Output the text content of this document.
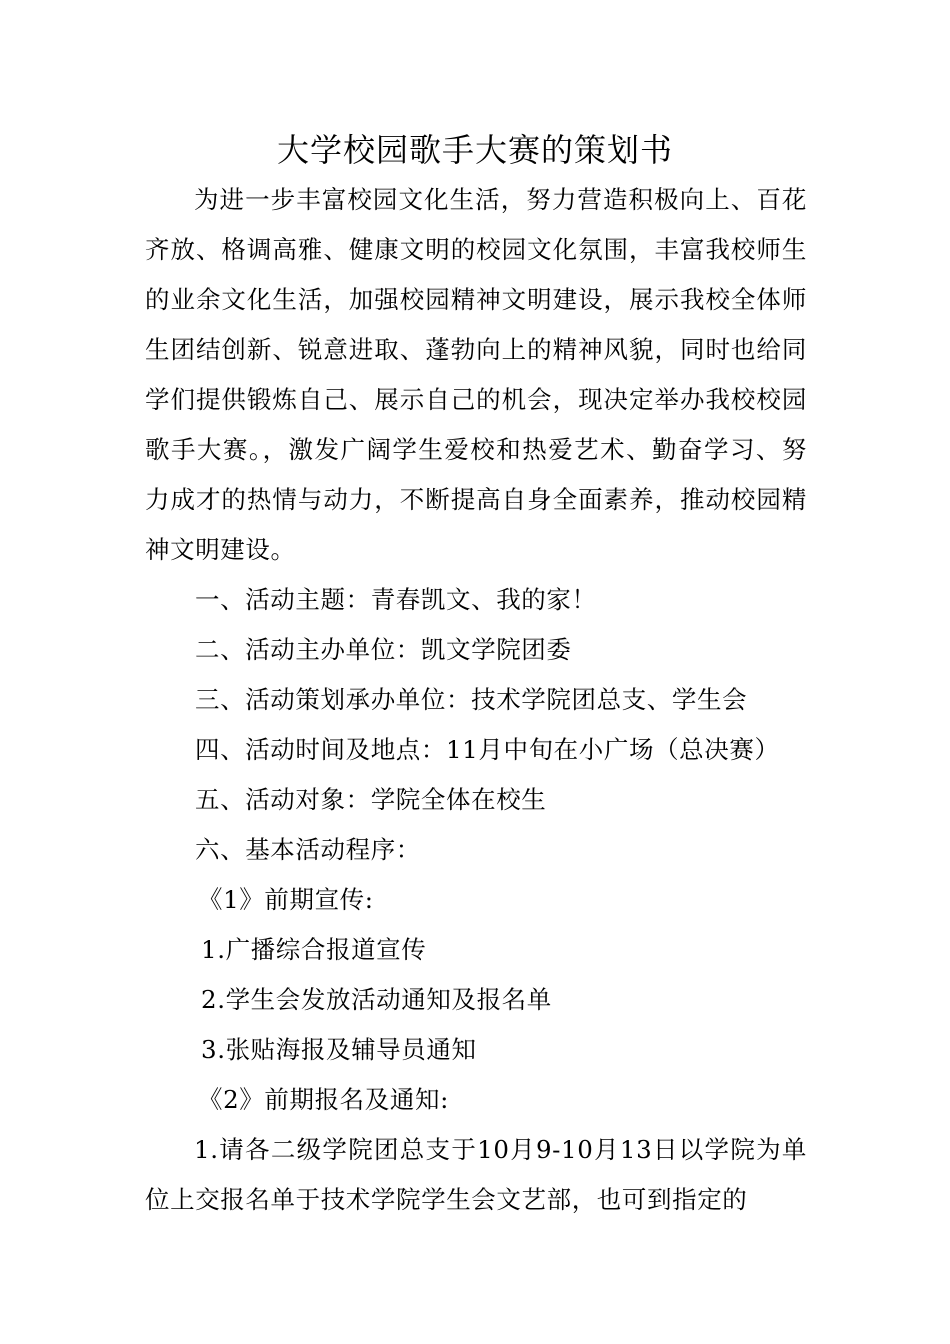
大学校园歌手大赛的策划书

为进一步丰富校园文化生活，努力营造积极向上、百花齐放、格调高雅、健康文明的校园文化氛围，丰富我校师生的业余文化生活，加强校园精神文明建设，展示我校全体师生团结创新、锐意进取、蓬勃向上的精神风貌，同时也给同学们提供锻炼自己、展示自己的机会，现决定举办我校校园歌手大赛。，激发广阔学生爱校和热爱艺术、勤奋学习、努力成才的热情与动力，不断提高自身全面素养，推动校园精神文明建设。

一、活动主题：青春凯文、我的家！

二、活动主办单位：凯文学院团委

三、活动策划承办单位：技术学院团总支、学生会

四、活动时间及地点：11月中旬在小广场（总决赛）

五、活动对象：学院全体在校生

六、基本活动程序：

《1》前期宣传:

1.广播综合报道宣传

2.学生会发放活动通知及报名单

3.张贴海报及辅导员通知

《2》前期报名及通知:

1.请各二级学院团总支于10月9-10月13日以学院为单位上交报名单于技术学院学生会文艺部，也可到指定的
